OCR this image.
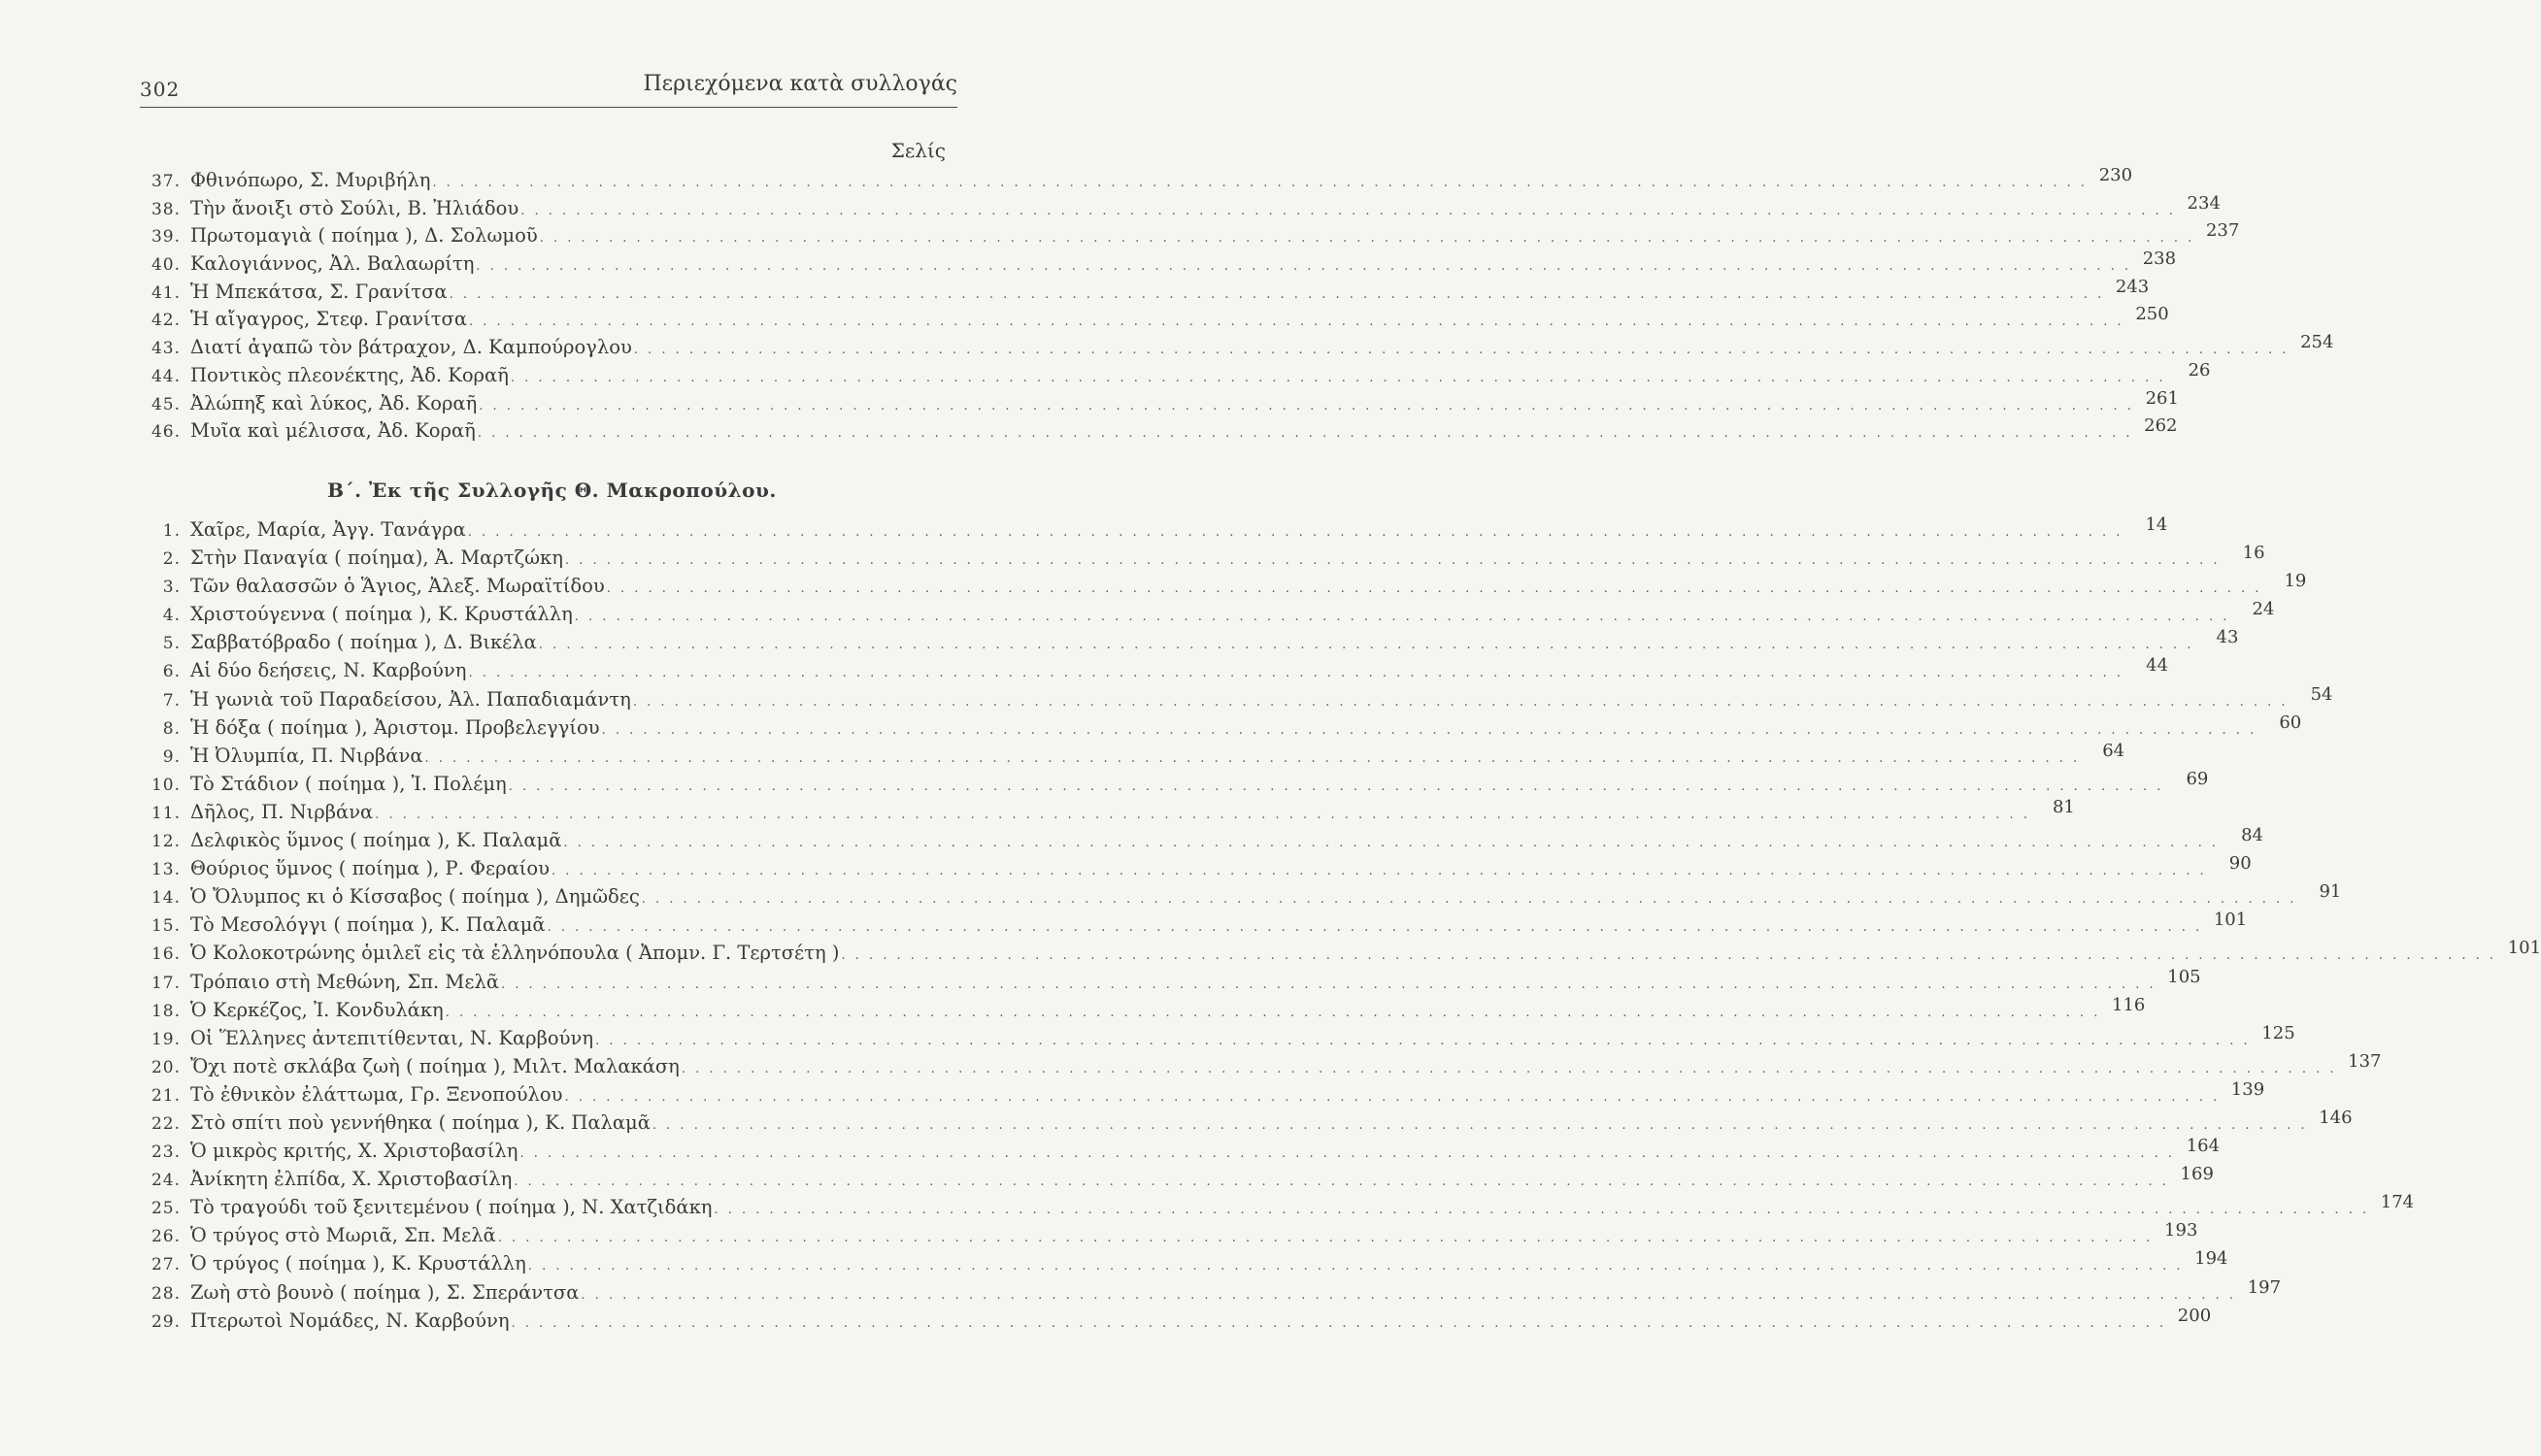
302	Περιεχόμενα κατὰ συλλογάς
Σελίς
37. Φθινόπωρο, Σ. Μυριβήλη . . . . . . . . . . . . . . . . . . . . . . . . . . . . . . . . . . . . . . . . . . . . . . . . . . . . . . . . . . . . . . . . . . . . . . . . . . . . . . . . . . . . . . . . . . . . . . . . . . . . . . . . . . . . . . . . . . . . . . . . 230
38. Τὴν ἄνοιξι στὸ Σούλι, Β. Ἠλιάδου . . . . . . . . . . . . . . . . . . . . . . . . . . . . . . . . . . . . . . . . . . . . . . . . . . . . . . . . . . . . . . . . . . . . . . . . . . . . . . . . . . . . . . . . . . . . . . . . . . . . . . . . . . . . . . . . . . . . . . . . 234
39. Πρωτομαγιὰ ( ποίημα ), Δ. Σολωμοῦ . . . . . . . . . . . . . . . . . . . . . . . . . . . . . . . . . . . . . . . . . . . . . . . . . . . . . . . . . . . . . . . . . . . . . . . . . . . . . . . . . . . . . . . . . . . . . . . . . . . . . . . . . . . . . . . . . . . . . . . . 237
40. Καλογιάννος, Ἀλ. Βαλαωρίτη . . . . . . . . . . . . . . . . . . . . . . . . . . . . . . . . . . . . . . . . . . . . . . . . . . . . . . . . . . . . . . . . . . . . . . . . . . . . . . . . . . . . . . . . . . . . . . . . . . . . . . . . . . . . . . . . . . . . . . . . 238
41. Ἡ Μπεκάτσα, Σ. Γρανίτσα . . . . . . . . . . . . . . . . . . . . . . . . . . . . . . . . . . . . . . . . . . . . . . . . . . . . . . . . . . . . . . . . . . . . . . . . . . . . . . . . . . . . . . . . . . . . . . . . . . . . . . . . . . . . . . . . . . . . . . . . 243
42. Ἡ αἴγαγρος, Στεφ. Γρανίτσα . . . . . . . . . . . . . . . . . . . . . . . . . . . . . . . . . . . . . . . . . . . . . . . . . . . . . . . . . . . . . . . . . . . . . . . . . . . . . . . . . . . . . . . . . . . . . . . . . . . . . . . . . . . . . . . . . . . . . . . . 250
43. Διατί ἀγαπῶ τὸν βάτραχον, Δ. Καμπούρογλου . . . . . . . . . . . . . . . . . . . . . . . . . . . . . . . . . . . . . . . . . . . . . . . . . . . . . . . . . . . . . . . . . . . . . . . . . . . . . . . . . . . . . . . . . . . . . . . . . . . . . . . . . . . . . . . . . . . . . . . . 254
44. Ποντικὸς πλεονέκτης, Ἀδ. Κοραῆ . . . . . . . . . . . . . . . . . . . . . . . . . . . . . . . . . . . . . . . . . . . . . . . . . . . . . . . . . . . . . . . . . . . . . . . . . . . . . . . . . . . . . . . . . . . . . . . . . . . . . . . . . . . . . . . . . . . . . . . .	26
45. Ἀλώπηξ καὶ λύκος, Ἀδ. Κοραῆ . . . . . . . . . . . . . . . . . . . . . . . . . . . . . . . . . . . . . . . . . . . . . . . . . . . . . . . . . . . . . . . . . . . . . . . . . . . . . . . . . . . . . . . . . . . . . . . . . . . . . . . . . . . . . . . . . . . . . . . . 261
46. Μυῖα καὶ μέλισσα, Ἀδ. Κοραῆ . . . . . . . . . . . . . . . . . . . . . . . . . . . . . . . . . . . . . . . . . . . . . . . . . . . . . . . . . . . . . . . . . . . . . . . . . . . . . . . . . . . . . . . . . . . . . . . . . . . . . . . . . . . . . . . . . . . . . . . . 262
Β΄. Ἐκ τῆς Συλλογῆς Θ. Μακροπούλου.
1. Χαῖρε, Μαρία, Ἀγγ. Τανάγρα . . . . . . . . . . . . . . . . . . . . . . . . . . . . . . . . . . . . . . . . . . . . . . . . . . . . . . . . . . . . . . . . . . . . . . . . . . . . . . . . . . . . . . . . . . . . . . . . . . . . . . . . . . . . . . . . . . . . . . . .	14
2. Στὴν Παναγία ( ποίημα), Ἀ. Μαρτζώκη . . . . . . . . . . . . . . . . . . . . . . . . . . . . . . . . . . . . . . . . . . . . . . . . . . . . . . . . . . . . . . . . . . . . . . . . . . . . . . . . . . . . . . . . . . . . . . . . . . . . . . . . . . . . . . . . . . . . . . . .	16
3. Τῶν θαλασσῶν ὁ Ἅγιος, Ἀλεξ. Μωραϊτίδου . . . . . . . . . . . . . . . . . . . . . . . . . . . . . . . . . . . . . . . . . . . . . . . . . . . . . . . . . . . . . . . . . . . . . . . . . . . . . . . . . . . . . . . . . . . . . . . . . . . . . . . . . . . . . . . . . . . . . . . .	19
4. Χριστούγεννα ( ποίημα ), Κ. Κρυστάλλη . . . . . . . . . . . . . . . . . . . . . . . . . . . . . . . . . . . . . . . . . . . . . . . . . . . . . . . . . . . . . . . . . . . . . . . . . . . . . . . . . . . . . . . . . . . . . . . . . . . . . . . . . . . . . . . . . . . . . . . .	24
5. Σαββατόβραδο ( ποίημα ), Δ. Βικέλα . . . . . . . . . . . . . . . . . . . . . . . . . . . . . . . . . . . . . . . . . . . . . . . . . . . . . . . . . . . . . . . . . . . . . . . . . . . . . . . . . . . . . . . . . . . . . . . . . . . . . . . . . . . . . . . . . . . . . . . .	43
6. Αἱ δύο δεήσεις, Ν. Καρβούνη . . . . . . . . . . . . . . . . . . . . . . . . . . . . . . . . . . . . . . . . . . . . . . . . . . . . . . . . . . . . . . . . . . . . . . . . . . . . . . . . . . . . . . . . . . . . . . . . . . . . . . . . . . . . . . . . . . . . . . . .	44
7. Ἡ γωνιὰ τοῦ Παραδείσου, Ἀλ. Παπαδιαμάντη . . . . . . . . . . . . . . . . . . . . . . . . . . . . . . . . . . . . . . . . . . . . . . . . . . . . . . . . . . . . . . . . . . . . . . . . . . . . . . . . . . . . . . . . . . . . . . . . . . . . . . . . . . . . . . . . . . . . . . . .	54
8. Ἡ δόξα ( ποίημα ), Ἀριστομ. Προβελεγγίου . . . . . . . . . . . . . . . . . . . . . . . . . . . . . . . . . . . . . . . . . . . . . . . . . . . . . . . . . . . . . . . . . . . . . . . . . . . . . . . . . . . . . . . . . . . . . . . . . . . . . . . . . . . . . . . . . . . . . . . .	60
9. Ἡ Ὀλυμπία, Π. Νιρβάνα . . . . . . . . . . . . . . . . . . . . . . . . . . . . . . . . . . . . . . . . . . . . . . . . . . . . . . . . . . . . . . . . . . . . . . . . . . . . . . . . . . . . . . . . . . . . . . . . . . . . . . . . . . . . . . . . . . . . . . . .	64
10. Τὸ Στάδιον ( ποίημα ), Ἰ. Πολέμη . . . . . . . . . . . . . . . . . . . . . . . . . . . . . . . . . . . . . . . . . . . . . . . . . . . . . . . . . . . . . . . . . . . . . . . . . . . . . . . . . . . . . . . . . . . . . . . . . . . . . . . . . . . . . . . . . . . . . . . .	69
11. Δῆλος, Π. Νιρβάνα . . . . . . . . . . . . . . . . . . . . . . . . . . . . . . . . . . . . . . . . . . . . . . . . . . . . . . . . . . . . . . . . . . . . . . . . . . . . . . . . . . . . . . . . . . . . . . . . . . . . . . . . . . . . . . . . . . . . . . . .	81
12. Δελφικὸς ὕμνος ( ποίημα ), Κ. Παλαμᾶ . . . . . . . . . . . . . . . . . . . . . . . . . . . . . . . . . . . . . . . . . . . . . . . . . . . . . . . . . . . . . . . . . . . . . . . . . . . . . . . . . . . . . . . . . . . . . . . . . . . . . . . . . . . . . . . . . . . . . . . .	84
13. Θούριος ὕμνος ( ποίημα ), Ρ. Φεραίου . . . . . . . . . . . . . . . . . . . . . . . . . . . . . . . . . . . . . . . . . . . . . . . . . . . . . . . . . . . . . . . . . . . . . . . . . . . . . . . . . . . . . . . . . . . . . . . . . . . . . . . . . . . . . . . . . . . . . . . .	90
14. Ὁ Ὄλυμπος κι ὁ Κίσσαβος ( ποίημα ), Δημῶδες . . . . . . . . . . . . . . . . . . . . . . . . . . . . . . . . . . . . . . . . . . . . . . . . . . . . . . . . . . . . . . . . . . . . . . . . . . . . . . . . . . . . . . . . . . . . . . . . . . . . . . . . . . . . . . . . . . . . . . . .	91
15. Τὸ Μεσολόγγι ( ποίημα ), Κ. Παλαμᾶ . . . . . . . . . . . . . . . . . . . . . . . . . . . . . . . . . . . . . . . . . . . . . . . . . . . . . . . . . . . . . . . . . . . . . . . . . . . . . . . . . . . . . . . . . . . . . . . . . . . . . . . . . . . . . . . . . . . . . . . . 101
16. Ὁ Κολοκοτρώνης ὁμιλεῖ εἰς τὰ ἑλληνόπουλα ( Ἀπομν. Γ. Τερτσέτη ) . . . . . . . . . . . . . . . . . . . . . . . . . . . . . . . . . . . . . . . . . . . . . . . . . . . . . . . . . . . . . . . . . . . . . . . . . . . . . . . . . . . . . . . . . . . . . . . . . . . . . . . . . . . . . . . . . . . . . . . . 101
17. Τρόπαιο στὴ Μεθώνη, Σπ. Μελᾶ . . . . . . . . . . . . . . . . . . . . . . . . . . . . . . . . . . . . . . . . . . . . . . . . . . . . . . . . . . . . . . . . . . . . . . . . . . . . . . . . . . . . . . . . . . . . . . . . . . . . . . . . . . . . . . . . . . . . . . . . 105
18. Ὁ Κερκέζος, Ἰ. Κονδυλάκη . . . . . . . . . . . . . . . . . . . . . . . . . . . . . . . . . . . . . . . . . . . . . . . . . . . . . . . . . . . . . . . . . . . . . . . . . . . . . . . . . . . . . . . . . . . . . . . . . . . . . . . . . . . . . . . . . . . . . . . . 116
19. Οἱ Ἕλληνες ἀντεπιτίθενται, Ν. Καρβούνη . . . . . . . . . . . . . . . . . . . . . . . . . . . . . . . . . . . . . . . . . . . . . . . . . . . . . . . . . . . . . . . . . . . . . . . . . . . . . . . . . . . . . . . . . . . . . . . . . . . . . . . . . . . . . . . . . . . . . . . . 125
20. Ὄχι ποτὲ σκλάβα ζωὴ ( ποίημα ), Μιλτ. Μαλακάση . . . . . . . . . . . . . . . . . . . . . . . . . . . . . . . . . . . . . . . . . . . . . . . . . . . . . . . . . . . . . . . . . . . . . . . . . . . . . . . . . . . . . . . . . . . . . . . . . . . . . . . . . . . . . . . . . . . . . . . . 137
21. Τὸ ἐθνικὸν ἐλάττωμα, Γρ. Ξενοπούλου . . . . . . . . . . . . . . . . . . . . . . . . . . . . . . . . . . . . . . . . . . . . . . . . . . . . . . . . . . . . . . . . . . . . . . . . . . . . . . . . . . . . . . . . . . . . . . . . . . . . . . . . . . . . . . . . . . . . . . . . 139
22. Στὸ σπίτι ποὺ γεννήθηκα ( ποίημα ), Κ. Παλαμᾶ . . . . . . . . . . . . . . . . . . . . . . . . . . . . . . . . . . . . . . . . . . . . . . . . . . . . . . . . . . . . . . . . . . . . . . . . . . . . . . . . . . . . . . . . . . . . . . . . . . . . . . . . . . . . . . . . . . . . . . . . 146
23. Ὁ μικρὸς κριτής, Χ. Χριστοβασίλη . . . . . . . . . . . . . . . . . . . . . . . . . . . . . . . . . . . . . . . . . . . . . . . . . . . . . . . . . . . . . . . . . . . . . . . . . . . . . . . . . . . . . . . . . . . . . . . . . . . . . . . . . . . . . . . . . . . . . . . . 164
24. Ἀνίκητη ἐλπίδα, Χ. Χριστοβασίλη . . . . . . . . . . . . . . . . . . . . . . . . . . . . . . . . . . . . . . . . . . . . . . . . . . . . . . . . . . . . . . . . . . . . . . . . . . . . . . . . . . . . . . . . . . . . . . . . . . . . . . . . . . . . . . . . . . . . . . . . 169
25. Τὸ τραγούδι τοῦ ξενιτεμένου ( ποίημα ), Ν. Χατζιδάκη . . . . . . . . . . . . . . . . . . . . . . . . . . . . . . . . . . . . . . . . . . . . . . . . . . . . . . . . . . . . . . . . . . . . . . . . . . . . . . . . . . . . . . . . . . . . . . . . . . . . . . . . . . . . . . . . . . . . . . . . 174
26. Ὁ τρύγος στὸ Μωριᾶ, Σπ. Μελᾶ . . . . . . . . . . . . . . . . . . . . . . . . . . . . . . . . . . . . . . . . . . . . . . . . . . . . . . . . . . . . . . . . . . . . . . . . . . . . . . . . . . . . . . . . . . . . . . . . . . . . . . . . . . . . . . . . . . . . . . . . 193
27. Ὁ τρύγος ( ποίημα ), Κ. Κρυστάλλη . . . . . . . . . . . . . . . . . . . . . . . . . . . . . . . . . . . . . . . . . . . . . . . . . . . . . . . . . . . . . . . . . . . . . . . . . . . . . . . . . . . . . . . . . . . . . . . . . . . . . . . . . . . . . . . . . . . . . . . . 194
28. Ζωὴ στὸ βουνὸ ( ποίημα ), Σ. Σπεράντσα . . . . . . . . . . . . . . . . . . . . . . . . . . . . . . . . . . . . . . . . . . . . . . . . . . . . . . . . . . . . . . . . . . . . . . . . . . . . . . . . . . . . . . . . . . . . . . . . . . . . . . . . . . . . . . . . . . . . . . . . 197
29. Πτερωτοὶ Νομάδες, Ν. Καρβούνη . . . . . . . . . . . . . . . . . . . . . . . . . . . . . . . . . . . . . . . . . . . . . . . . . . . . . . . . . . . . . . . . . . . . . . . . . . . . . . . . . . . . . . . . . . . . . . . . . . . . . . . . . . . . . . . . . . . . . . . . 200
